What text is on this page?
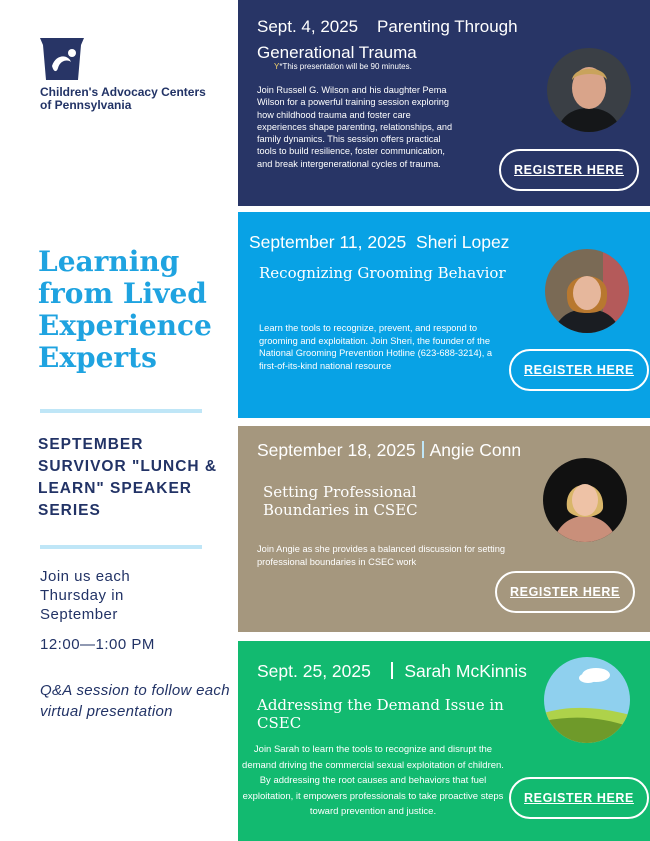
Children's Advocacy Centers of Pennsylvania
Learning from Lived Experience Experts
SEPTEMBER SURVIVOR "LUNCH & LEARN" SPEAKER SERIES
Join us each Thursday in September
12:00—1:00 PM
Q&A session to follow each virtual presentation
Sept. 4, 2025 Parenting Through Generational Trauma
Y*This presentation will be 90 minutes.
Join Russell G. Wilson and his daughter Pema Wilson for a powerful training session exploring how childhood trauma and foster care experiences shape parenting, relationships, and family dynamics. This session offers practical tools to build resilience, foster communication, and break intergenerational cycles of trauma.	REGISTER HERE
September 11, 2025 Sheri Lopez
Recognizing Grooming Behavior
Learn the tools to recognize, prevent, and respond to grooming and exploitation. Join Sheri, the founder of the National Grooming Prevention Hotline (623-688-3214), a first-of-its-kind national resource	REGISTER HERE
September 18, 2025 Angie Conn
Setting Professional Boundaries in CSEC
Join Angie as she provides a balanced discussion for setting professional boundaries in CSEC work
REGISTER HERE
Sept. 25, 2025 Sarah McKinnis
Addressing the Demand Issue in CSEC
Join Sarah to learn the tools to recognize and disrupt the demand driving the commercial sexual exploitation of children. By addressing the root causes and behaviors that fuel exploitation, it empowers professionals to take proactive steps toward prevention and justice.
REGISTER HERE
